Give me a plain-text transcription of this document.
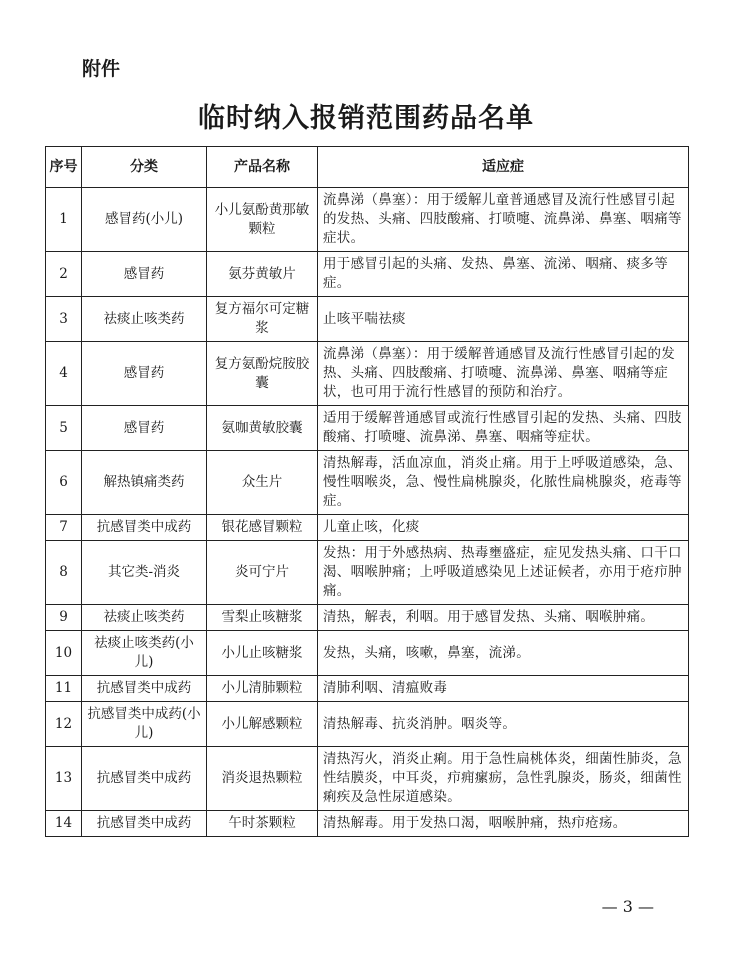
附件
临时纳入报销范围药品名单
序号	分类	产品名称	适应症
1	感冒药(小儿)	小儿氨酚黄那敏颗粒	流鼻涕（鼻塞）：用于缓解儿童普通感冒及流行性感冒引起的发热、头痛、四肢酸痛、打喷嚏、流鼻涕、鼻塞、咽痛等症状。
2	感冒药	氨芬黄敏片	用于感冒引起的头痛、发热、鼻塞、流涕、咽痛、痰多等症。
3	祛痰止咳类药	复方福尔可定糖浆	止咳平喘祛痰
4	感冒药	复方氨酚烷胺胶囊	流鼻涕（鼻塞）：用于缓解普通感冒及流行性感冒引起的发热、头痛、四肢酸痛、打喷嚏、流鼻涕、鼻塞、咽痛等症状，也可用于流行性感冒的预防和治疗。
5	感冒药	氨咖黄敏胶囊	适用于缓解普通感冒或流行性感冒引起的发热、头痛、四肢酸痛、打喷嚏、流鼻涕、鼻塞、咽痛等症状。
6	解热镇痛类药	众生片	清热解毒，活血凉血，消炎止痛。用于上呼吸道感染，急、慢性咽喉炎，急、慢性扁桃腺炎，化脓性扁桃腺炎，疮毒等症。
7	抗感冒类中成药	银花感冒颗粒	儿童止咳，化痰
8	其它类-消炎	炎可宁片	发热：用于外感热病、热毒壅盛症，症见发热头痛、口干口渴、咽喉肿痛；上呼吸道感染见上述证候者，亦用于疮疖肿痛。
9	祛痰止咳类药	雪梨止咳糖浆	清热，解表，利咽。用于感冒发热、头痛、咽喉肿痛。
10	祛痰止咳类药(小儿)	小儿止咳糖浆	发热，头痛，咳嗽，鼻塞，流涕。
11	抗感冒类中成药	小儿清肺颗粒	清肺利咽、清瘟败毒
12	抗感冒类中成药(小儿)	小儿解感颗粒	清热解毒、抗炎消肿。咽炎等。
13	抗感冒类中成药	消炎退热颗粒	清热泻火，消炎止痢。用于急性扁桃体炎，细菌性肺炎，急性结膜炎，中耳炎，疖痈瘰疬，急性乳腺炎，肠炎，细菌性痢疾及急性尿道感染。
14	抗感冒类中成药	午时茶颗粒	清热解毒。用于发热口渴，咽喉肿痛，热疖疮疡。
— 3 —
